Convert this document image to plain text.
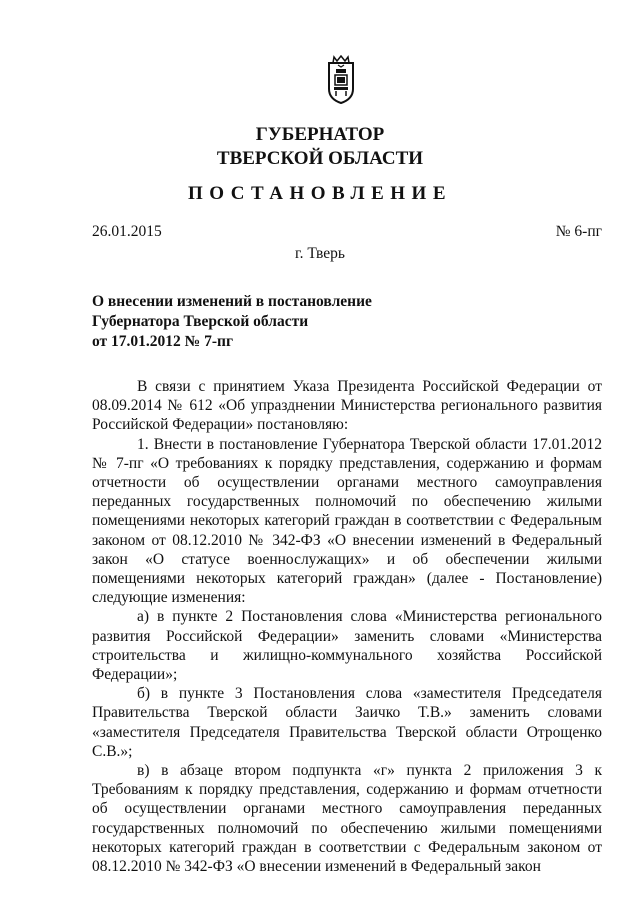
ГУБЕРНАТОР
ТВЕРСКОЙ ОБЛАСТИ
ПОСТАНОВЛЕНИЕ
26.01.2015	№ 6-пг
г. Тверь
О внесении изменений в постановление
Губернатора Тверской области
от 17.01.2012 № 7-пг

В связи с принятием Указа Президента Российской Федерации от 08.09.2014 № 612 «Об упразднении Министерства регионального развития Российской Федерации» постановляю:

1. Внести в постановление Губернатора Тверской области 17.01.2012 № 7-пг «О требованиях к порядку представления, содержанию и формам отчетности об осуществлении органами местного самоуправления переданных государственных полномочий по обеспечению жилыми помещениями некоторых категорий граждан в соответствии с Федеральным законом от 08.12.2010 № 342-ФЗ «О внесении изменений в Федеральный закон «О статусе военнослужащих» и об обеспечении жилыми помещениями некоторых категорий граждан» (далее - Постановление) следующие изменения:

а) в пункте 2 Постановления слова «Министерства регионального развития Российской Федерации» заменить словами «Министерства строительства и жилищно-коммунального хозяйства Российской Федерации»;

б) в пункте 3 Постановления слова «заместителя Председателя Правительства Тверской области Заичко Т.В.» заменить словами «заместителя Председателя Правительства Тверской области Отрощенко С.В.»;

в) в абзаце втором подпункта «г» пункта 2 приложения 3 к Требованиям к порядку представления, содержанию и формам отчетности об осуществлении органами местного самоуправления переданных государственных полномочий по обеспечению жилыми помещениями некоторых категорий граждан в соответствии с Федеральным законом от 08.12.2010 № 342-ФЗ «О внесении изменений в Федеральный закон
